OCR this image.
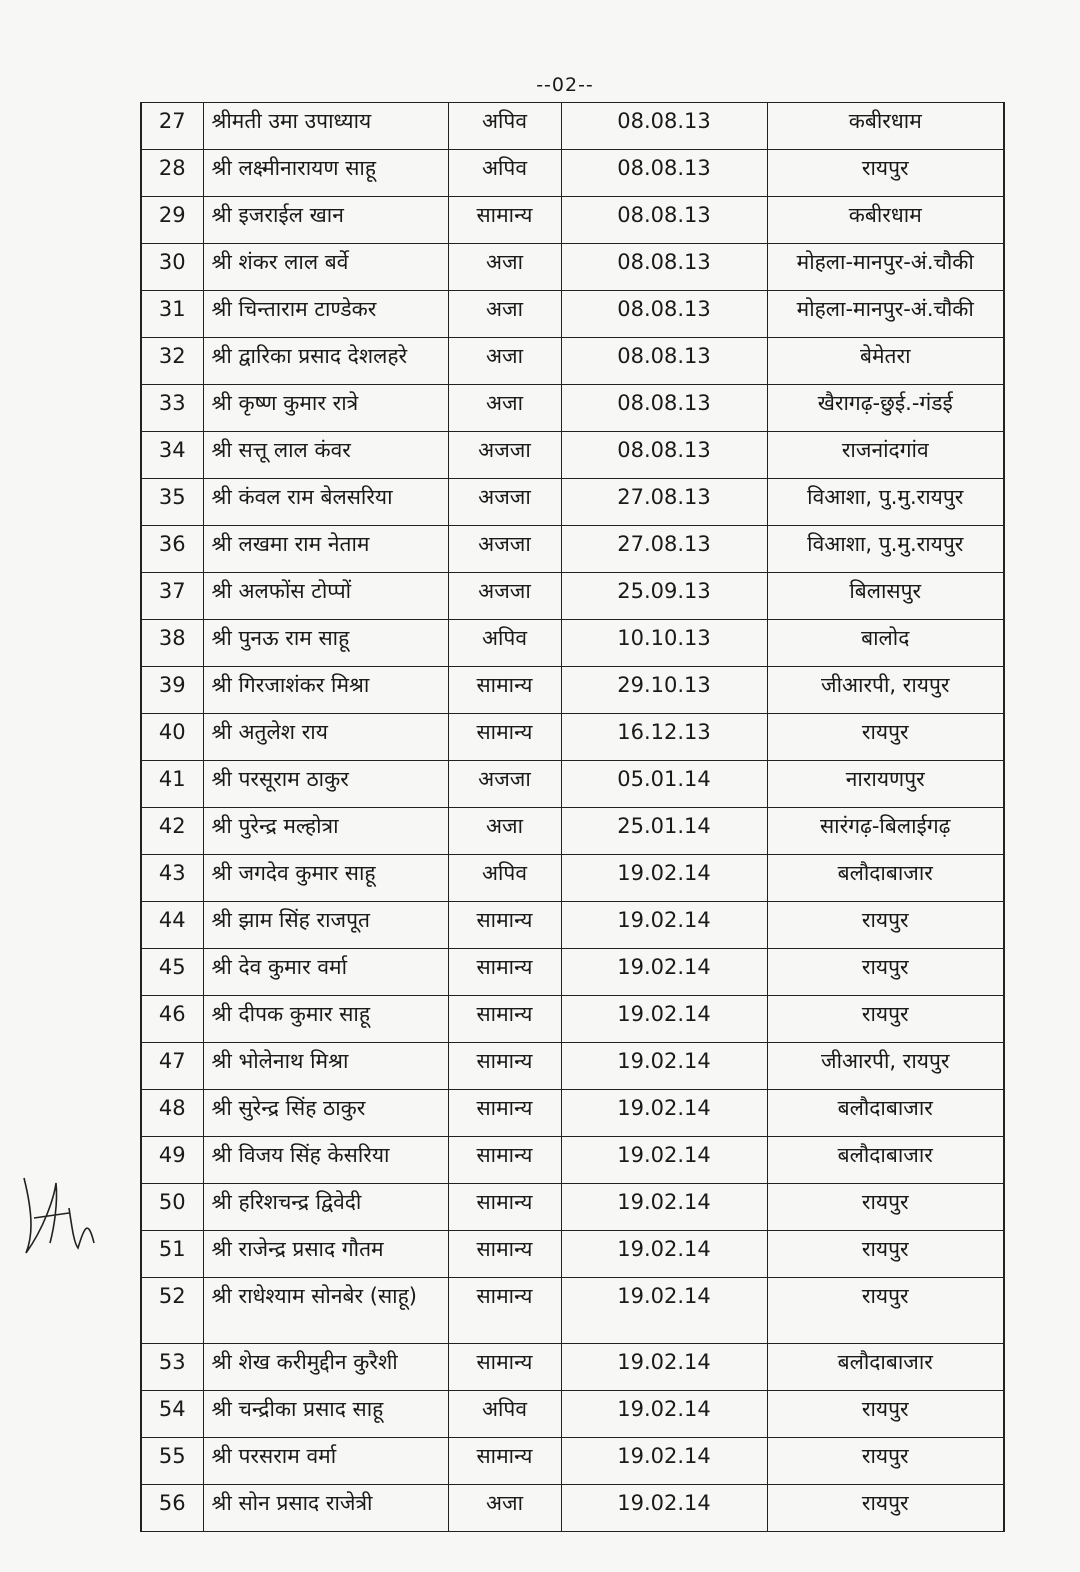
--02--
27	श्रीमती उमा उपाध्याय	अपिव	08.08.13	कबीरधाम
28	श्री लक्ष्मीनारायण साहू	अपिव	08.08.13	रायपुर
29	श्री इजराईल खान	सामान्य	08.08.13	कबीरधाम
30	श्री शंकर लाल बर्वे	अजा	08.08.13	मोहला-मानपुर-अं.चौकी
31	श्री चिन्ताराम टाण्डेकर	अजा	08.08.13	मोहला-मानपुर-अं.चौकी
32	श्री द्वारिका प्रसाद देशलहरे	अजा	08.08.13	बेमेतरा
33	श्री कृष्ण कुमार रात्रे	अजा	08.08.13	खैरागढ़-छुई.-गंडई
34	श्री सत्तू लाल कंवर	अजजा	08.08.13	राजनांदगांव
35	श्री कंवल राम बेलसरिया	अजजा	27.08.13	विआशा, पु.मु.रायपुर
36	श्री लखमा राम नेताम	अजजा	27.08.13	विआशा, पु.मु.रायपुर
37	श्री अलफोंस टोप्पों	अजजा	25.09.13	बिलासपुर
38	श्री पुनऊ राम साहू	अपिव	10.10.13	बालोद
39	श्री गिरजाशंकर मिश्रा	सामान्य	29.10.13	जीआरपी, रायपुर
40	श्री अतुलेश राय	सामान्य	16.12.13	रायपुर
41	श्री परसूराम ठाकुर	अजजा	05.01.14	नारायणपुर
42	श्री पुरेन्द्र मल्होत्रा	अजा	25.01.14	सारंगढ़-बिलाईगढ़
43	श्री जगदेव कुमार साहू	अपिव	19.02.14	बलौदाबाजार
44	श्री झाम सिंह राजपूत	सामान्य	19.02.14	रायपुर
45	श्री देव कुमार वर्मा	सामान्य	19.02.14	रायपुर
46	श्री दीपक कुमार साहू	सामान्य	19.02.14	रायपुर
47	श्री भोलेनाथ मिश्रा	सामान्य	19.02.14	जीआरपी, रायपुर
48	श्री सुरेन्द्र सिंह ठाकुर	सामान्य	19.02.14	बलौदाबाजार
49	श्री विजय सिंह केसरिया	सामान्य	19.02.14	बलौदाबाजार
50	श्री हरिशचन्द्र द्विवेदी	सामान्य	19.02.14	रायपुर
51	श्री राजेन्द्र प्रसाद गौतम	सामान्य	19.02.14	रायपुर
52	श्री राधेश्याम सोनबेर (साहू)	सामान्य	19.02.14	रायपुर
53	श्री शेख करीमुद्दीन कुरैशी	सामान्य	19.02.14	बलौदाबाजार
54	श्री चन्द्रीका प्रसाद साहू	अपिव	19.02.14	रायपुर
55	श्री परसराम वर्मा	सामान्य	19.02.14	रायपुर
56	श्री सोन प्रसाद राजेत्री	अजा	19.02.14	रायपुर
